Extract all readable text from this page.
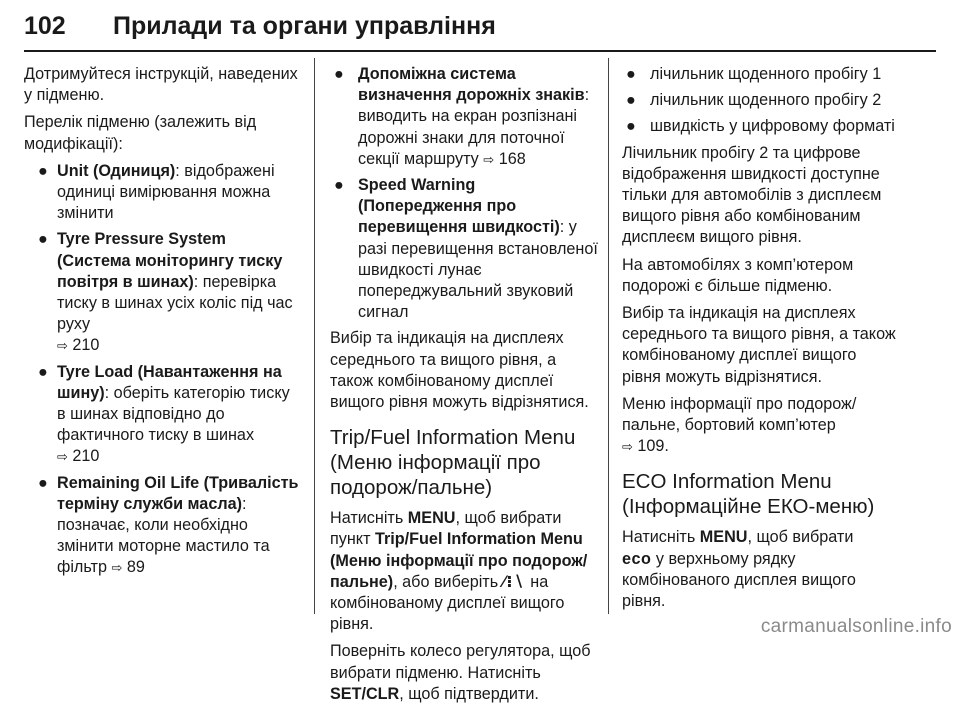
102 Прилади та органи управління

Дотримуйтеся інструкцій, наведених у підменю.

Перелік підменю (залежить від модифікації):

● Unit (Одиниця): відображені одиниці вимірювання можна змінити
● Tyre Pressure System (Система моніторингу тиску повітря в шинах): перевірка тиску в шинах усіх коліс під час руху
⇨ 210
● Tyre Load (Навантаження на шину): оберіть категорію тиску в шинах відповідно до фактичного тиску в шинах
⇨ 210
● Remaining Oil Life (Тривалість терміну служби масла): позначає, коли необхідно змінити моторне мастило та фільтр ⇨ 89
● Допоміжна система визначення дорожніх знаків: виводить на екран розпізнані дорожні знаки для поточної секції маршруту ⇨ 168
● Speed Warning (Попередження про перевищення швидкості): у разі перевищення встановленої швидкості лунає попереджувальний звуковий сигнал

Вибір та індикація на дисплеях середнього та вищого рівня, а також комбінованому дисплеї вищого рівня можуть відрізнятися.

Trip/Fuel Information Menu (Меню інформації про подорож/пальне)

Натисніть MENU, щоб вибрати пункт Trip/Fuel Information Menu (Меню інформації про подорож/пальне), або виберіть ⁄⁝∖ на комбінованому дисплеї вищого рівня.

Поверніть колесо регулятора, щоб вибрати підменю. Натисніть SET/CLR, щоб підтвердити.

● лічильник щоденного пробігу 1
● лічильник щоденного пробігу 2
● швидкість у цифровому форматі

Лічильник пробігу 2 та цифрове відображення швидкості доступне тільки для автомобілів з дисплеєм вищого рівня або комбінованим дисплеєм вищого рівня.

На автомобілях з комп’ютером подорожі є більше підменю.

Вибір та індикація на дисплеях середнього та вищого рівня, а також комбінованому дисплеї вищого рівня можуть відрізнятися.

Меню інформації про подорож/пальне, бортовий комп’ютер
⇨ 109.

ECO Information Menu (Інформаційне ЕКО-меню)

Натисніть MENU, щоб вибрати
eco у верхньому рядку комбінованого дисплея вищого рівня.

carmanualsonline.info
